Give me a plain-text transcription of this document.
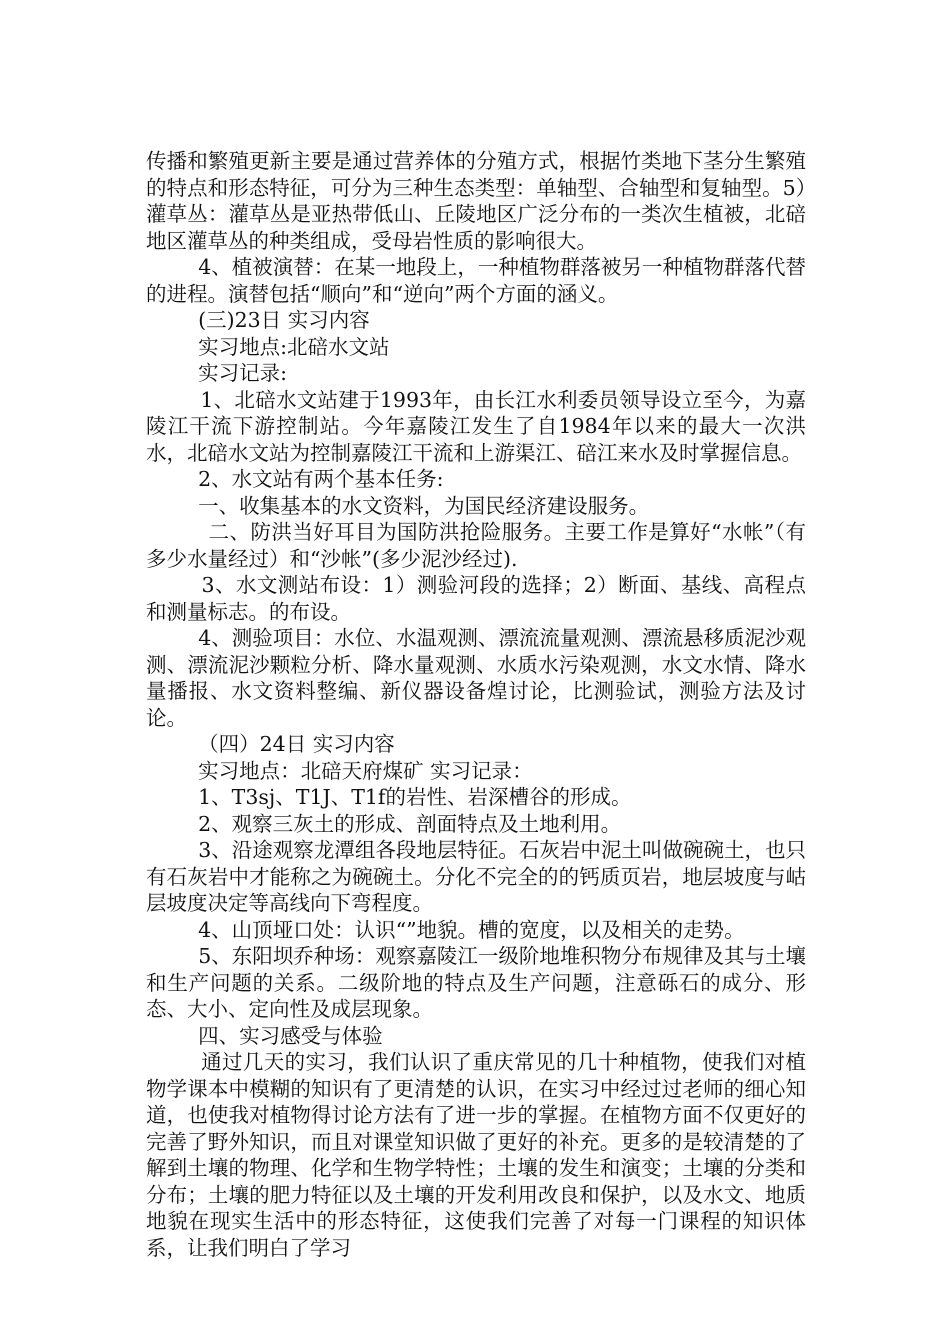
传播和繁殖更新主要是通过营养体的分殖方式，根据竹类地下茎分生繁殖的特点和形态特征，可分为三种生态类型：单轴型、合轴型和复轴型。5）灌草丛：灌草丛是亚热带低山、丘陵地区广泛分布的一类次生植被，北碚地区灌草丛的种类组成，受母岩性质的影响很大。

4、植被演替：在某一地段上，一种植物群落被另一种植物群落代替的进程。演替包括“顺向”和“逆向”两个方面的涵义。

(三)23日 实习内容

实习地点:北碚水文站

实习记录:

1、北碚水文站建于1993年，由长江水利委员领导设立至今，为嘉陵江干流下游控制站。今年嘉陵江发生了自1984年以来的最大一次洪水，北碚水文站为控制嘉陵江干流和上游渠江、碚江来水及时掌握信息。

2、水文站有两个基本任务:

一、收集基本的水文资料，为国民经济建设服务。

二、防洪当好耳目为国防洪抢险服务。主要工作是算好“水帐”（有多少水量经过）和“沙帐”(多少泥沙经过).

3、水文测站布设：1）测验河段的选择；2）断面、基线、高程点和测量标志。的布设。

4、测验项目：水位、水温观测、漂流流量观测、漂流悬移质泥沙观测、漂流泥沙颗粒分析、降水量观测、水质水污染观测，水文水情、降水量播报、水文资料整编、新仪器设备煌讨论，比测验试，测验方法及讨论。

（四）24日 实习内容

实习地点：北碚天府煤矿 实习记录：

1、T3sj、T1J、T1f的岩性、岩深槽谷的形成。

2、观察三灰土的形成、剖面特点及土地利用。

3、沿途观察龙潭组各段地层特征。石灰岩中泥土叫做碗碗土，也只有石灰岩中才能称之为碗碗土。分化不完全的的钙质页岩，地层坡度与岵层坡度决定等高线向下弯程度。

4、山顶垭口处：认识“”地貌。槽的宽度，以及相关的走势。

5、东阳坝乔种场：观察嘉陵江一级阶地堆积物分布规律及其与土壤和生产问题的关系。二级阶地的特点及生产问题，注意砾石的成分、形态、大小、定向性及成层现象。

四、实习感受与体验

通过几天的实习，我们认识了重庆常见的几十种植物，使我们对植物学课本中模糊的知识有了更清楚的认识，在实习中经过过老师的细心知道，也使我对植物得讨论方法有了进一步的掌握。在植物方面不仅更好的完善了野外知识，而且对课堂知识做了更好的补充。更多的是较清楚的了解到土壤的物理、化学和生物学特性；土壤的发生和演变；土壤的分类和分布；土壤的肥力特征以及土壤的开发利用改良和保护，以及水文、地质地貌在现实生活中的形态特征，这使我们完善了对每一门课程的知识体系，让我们明白了学习
